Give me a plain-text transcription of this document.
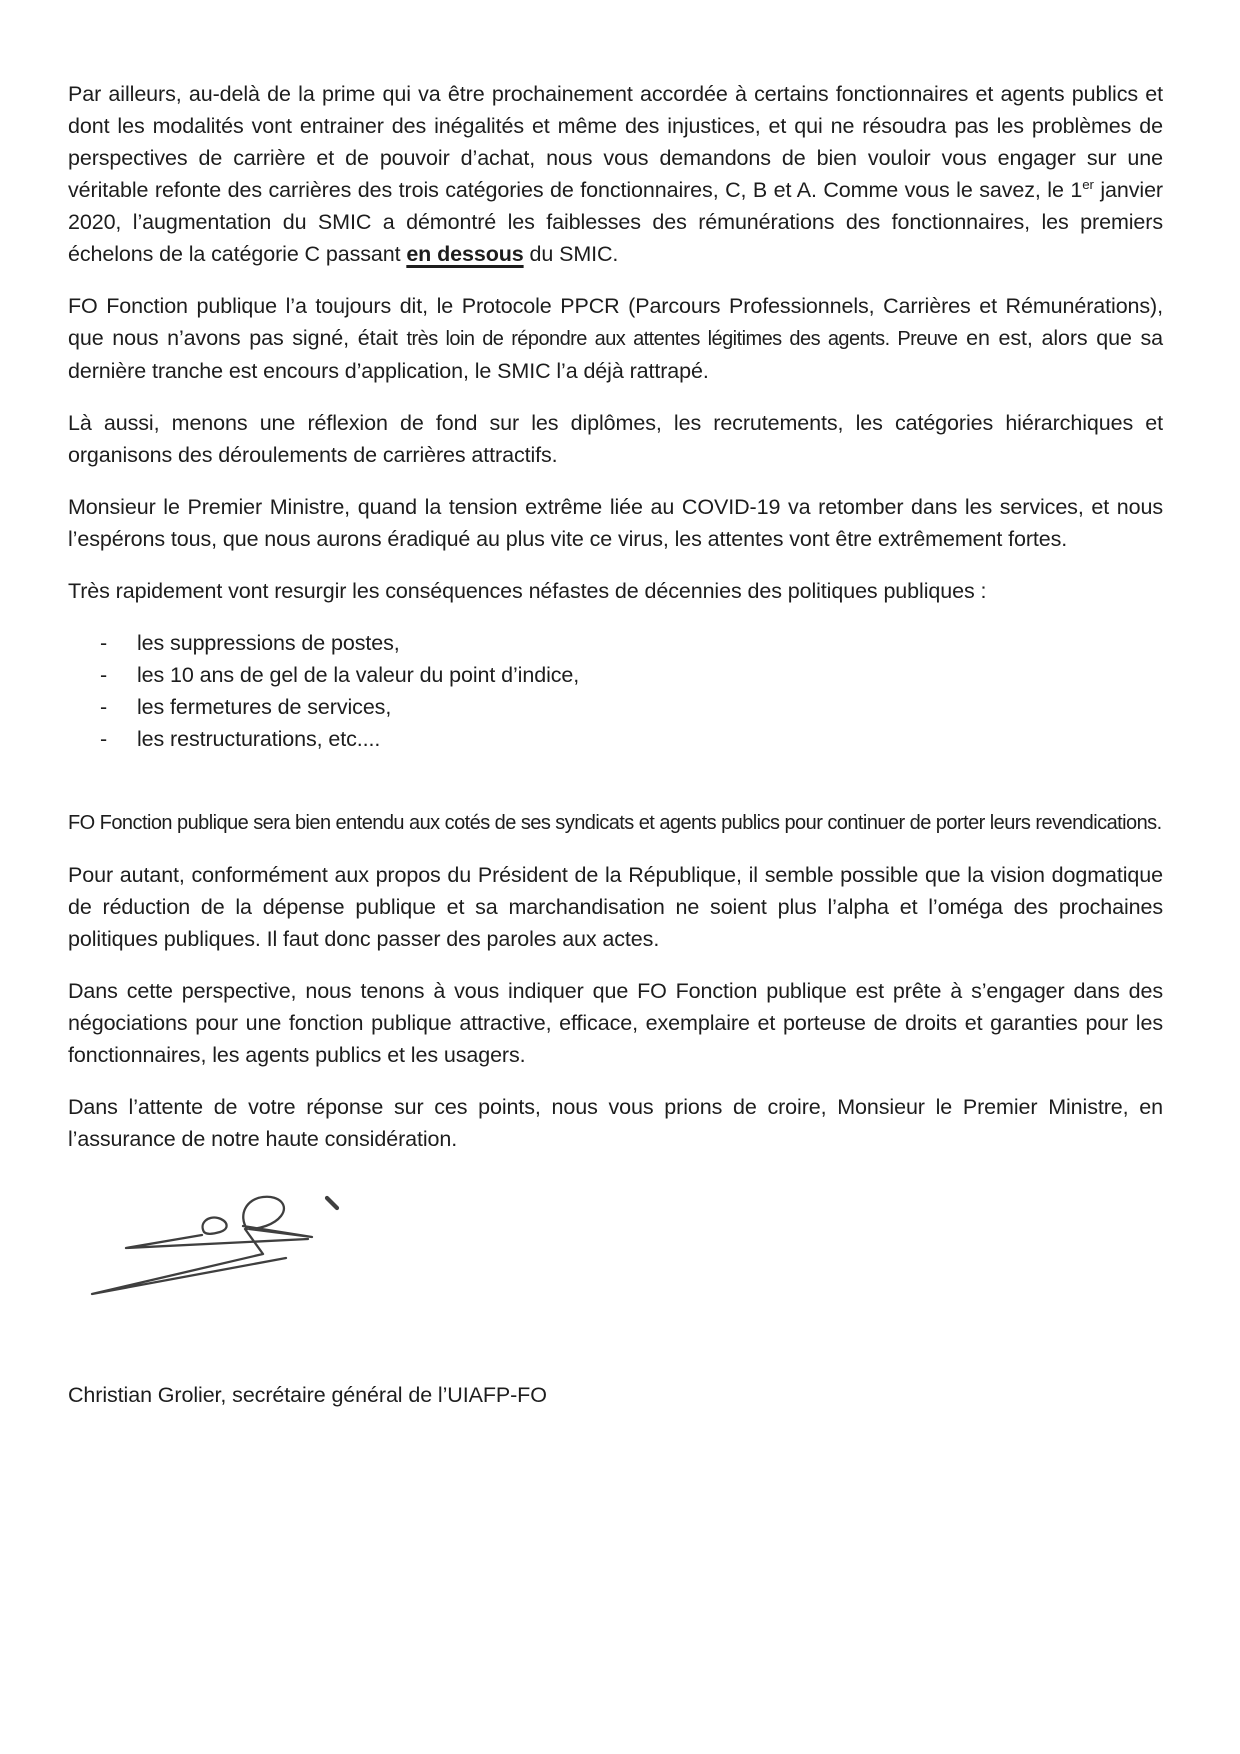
Par ailleurs, au-delà de la prime qui va être prochainement accordée à certains fonctionnaires et agents publics et dont les modalités vont entrainer des inégalités et même des injustices, et qui ne résoudra pas les problèmes de perspectives de carrière et de pouvoir d’achat, nous vous demandons de bien vouloir vous engager sur une véritable refonte des carrières des trois catégories de fonctionnaires, C, B et A. Comme vous le savez, le 1er janvier 2020, l’augmentation du SMIC a démontré les faiblesses des rémunérations des fonctionnaires, les premiers échelons de la catégorie C passant en dessous du SMIC.

FO Fonction publique l’a toujours dit, le Protocole PPCR (Parcours Professionnels, Carrières et Rémunérations), que nous n’avons pas signé, était très loin de répondre aux attentes légitimes des agents. Preuve en est, alors que sa dernière tranche est encours d’application, le SMIC l’a déjà rattrapé.

Là aussi, menons une réflexion de fond sur les diplômes, les recrutements, les catégories hiérarchiques et organisons des déroulements de carrières attractifs.

Monsieur le Premier Ministre, quand la tension extrême liée au COVID-19 va retomber dans les services, et nous l’espérons tous, que nous aurons éradiqué au plus vite ce virus, les attentes vont être extrêmement fortes.

Très rapidement vont resurgir les conséquences néfastes de décennies des politiques publiques :

- les suppressions de postes,
- les 10 ans de gel de la valeur du point d’indice,
- les fermetures de services,
- les restructurations, etc....

FO Fonction publique sera bien entendu aux cotés de ses syndicats et agents publics pour continuer de porter leurs revendications.

Pour autant, conformément aux propos du Président de la République, il semble possible que la vision dogmatique de réduction de la dépense publique et sa marchandisation ne soient plus l’alpha et l’oméga des prochaines politiques publiques. Il faut donc passer des paroles aux actes.

Dans cette perspective, nous tenons à vous indiquer que FO Fonction publique est prête à s’engager dans des négociations pour une fonction publique attractive, efficace, exemplaire et porteuse de droits et garanties pour les fonctionnaires, les agents publics et les usagers.

Dans l’attente de votre réponse sur ces points, nous vous prions de croire, Monsieur le Premier Ministre, en l’assurance de notre haute considération.

Christian Grolier, secrétaire général de l’UIAFP-FO
